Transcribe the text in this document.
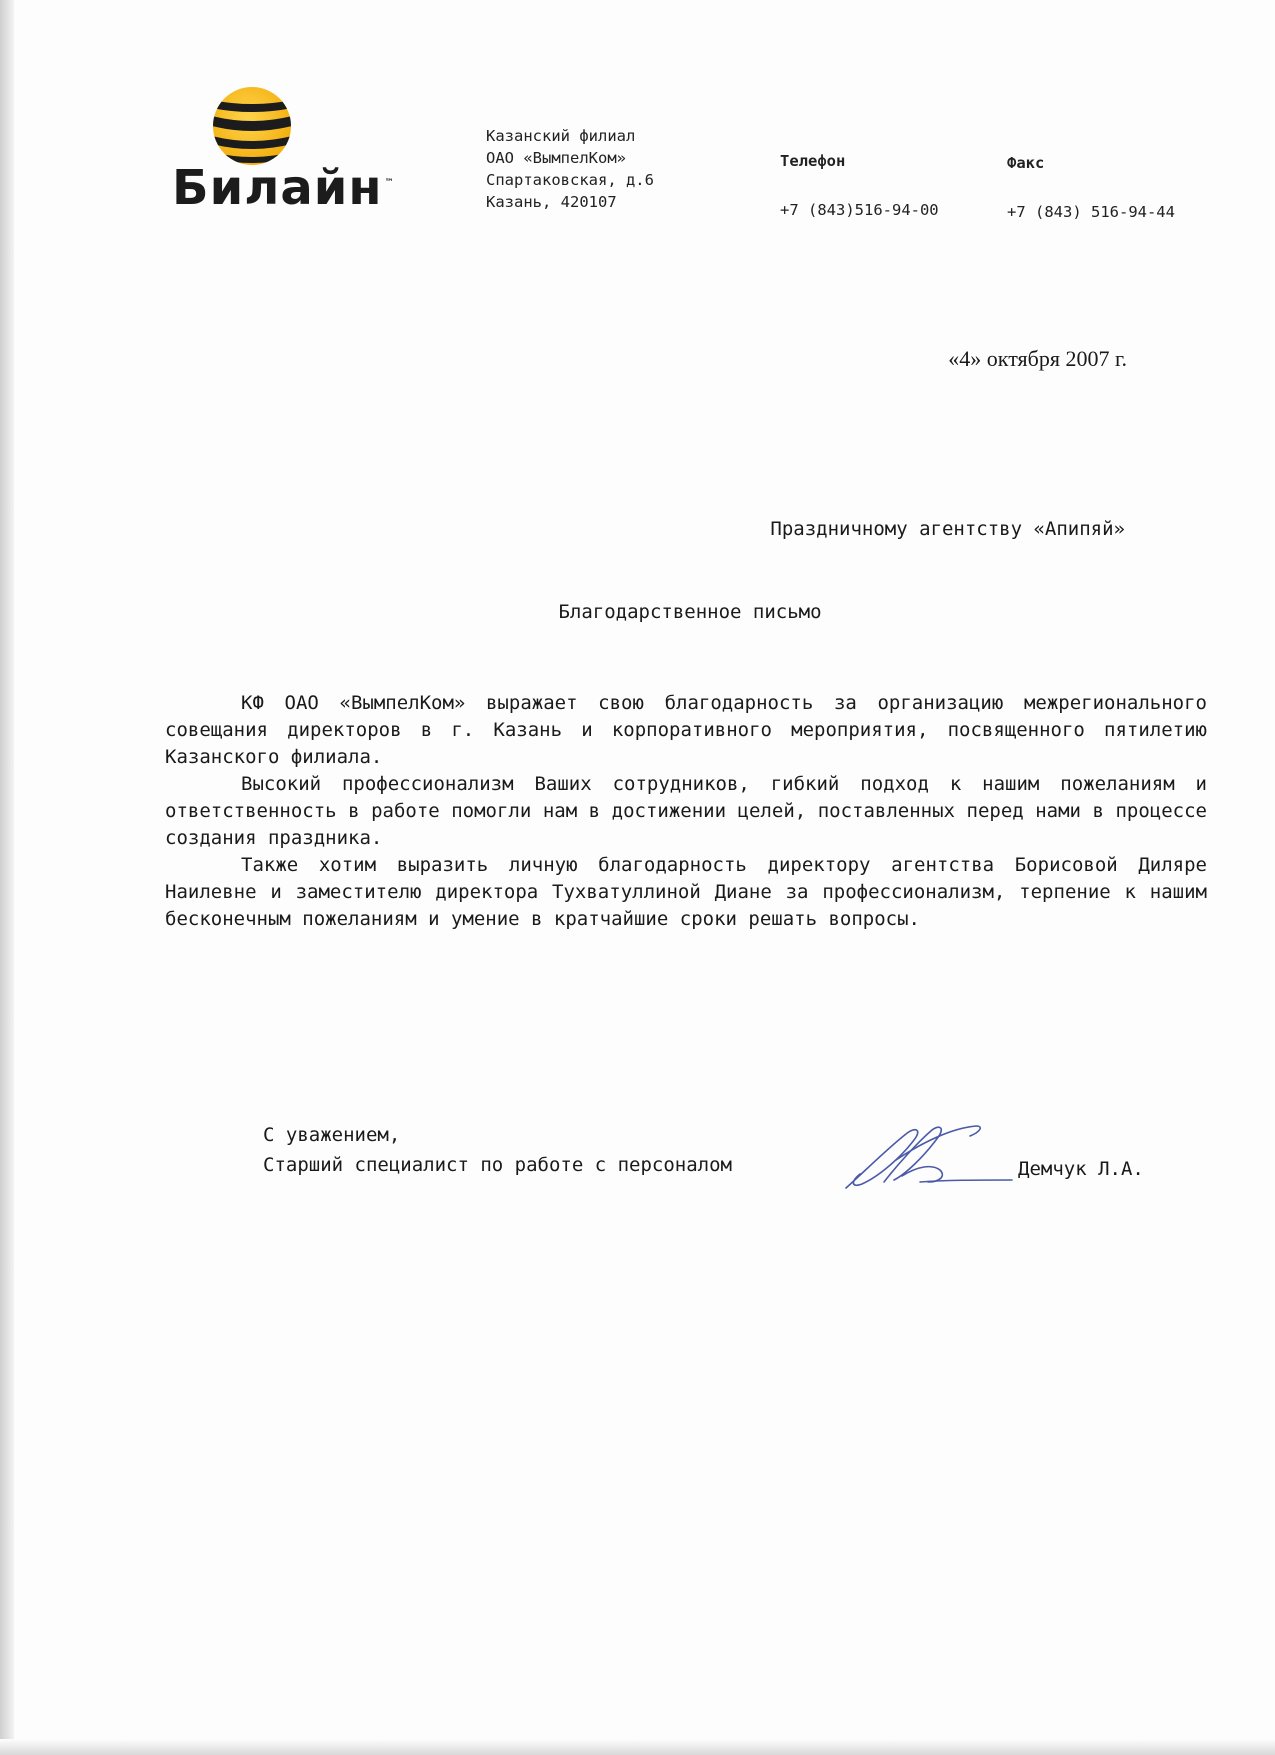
Билайн ™
Казанский филиал
ОАО «ВымпелКом»
Спартаковская, д.6
Казань, 420107
Телефон
+7 (843)516-94-00
Факс
+7 (843) 516-94-44
«4» октября 2007 г.
Праздничному агентству «Апипяй»
Благодарственное письмо

КФ ОАО «ВымпелКом» выражает свою благодарность за организацию межрегионального совещания директоров в г. Казань и корпоративного мероприятия, посвященного пятилетию Казанского филиала.

Высокий профессионализм Ваших сотрудников, гибкий подход к нашим пожеланиям и ответственность в работе помогли нам в достижении целей, поставленных перед нами в процессе создания праздника.

Также хотим выразить личную благодарность директору агентства Борисовой Диляре Наилевне и заместителю директора Тухватуллиной Диане за профессионализм, терпение к нашим бесконечным пожеланиям и умение в кратчайшие сроки решать вопросы.

С уважением,
Старший специалист по работе с персоналом	Демчук Л.А.
